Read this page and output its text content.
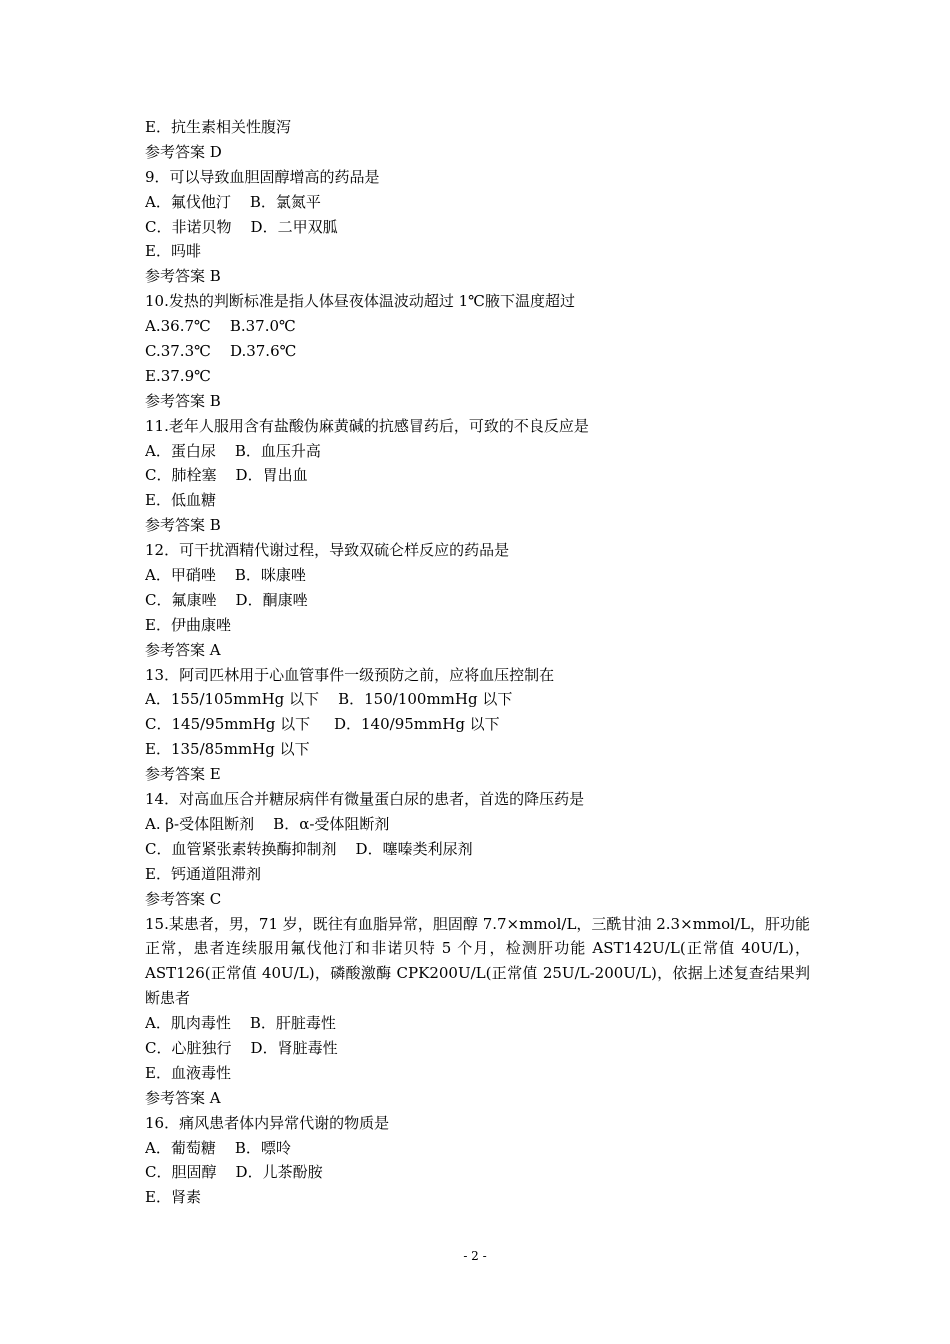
E．抗生素相关性腹泻
参考答案 D
9．可以导致血胆固醇增高的药品是
A．氟伐他汀    B．氯氮平
C．非诺贝物    D．二甲双胍
E．吗啡
参考答案 B
10.发热的判断标准是指人体昼夜体温波动超过 1℃腋下温度超过
A.36.7℃    B.37.0℃
C.37.3℃    D.37.6℃
E.37.9℃
参考答案 B
11.老年人服用含有盐酸伪麻黄碱的抗感冒药后，可致的不良反应是
A．蛋白尿    B．血压升高
C．肺栓塞    D．胃出血
E．低血糖
参考答案 B
12．可干扰酒精代谢过程，导致双硫仑样反应的药品是
A．甲硝唑    B．咪康唑
C．氟康唑    D．酮康唑
E．伊曲康唑
参考答案 A
13．阿司匹林用于心血管事件一级预防之前，应将血压控制在
A．155/105mmHg 以下    B．150/100mmHg 以下
C．145/95mmHg 以下     D．140/95mmHg 以下
E．135/85mmHg 以下
参考答案 E
14．对高血压合并糖尿病伴有微量蛋白尿的患者，首选的降压药是
A. β-受体阻断剂    B．α-受体阻断剂
C．血管紧张素转换酶抑制剂    D．噻嗪类利尿剂
E．钙通道阻滞剂
参考答案 C
15.某患者，男，71 岁，既往有血脂异常，胆固醇 7.7×mmol/L，三酰甘油 2.3×mmol/L，肝功能正常，患者连续服用氟伐他汀和非诺贝特 5 个月，检测肝功能 AST142U/L(正常值 40U/L)，AST126(正常值 40U/L)，磷酸激酶 CPK200U/L(正常值 25U/L-200U/L)，依据上述复查结果判断患者
A．肌肉毒性    B．肝脏毒性
C．心脏独行    D．肾脏毒性
E．血液毒性
参考答案 A
16．痛风患者体内异常代谢的物质是
A．葡萄糖    B．嘌呤
C．胆固醇    D．儿茶酚胺
E．肾素
- 2 -
